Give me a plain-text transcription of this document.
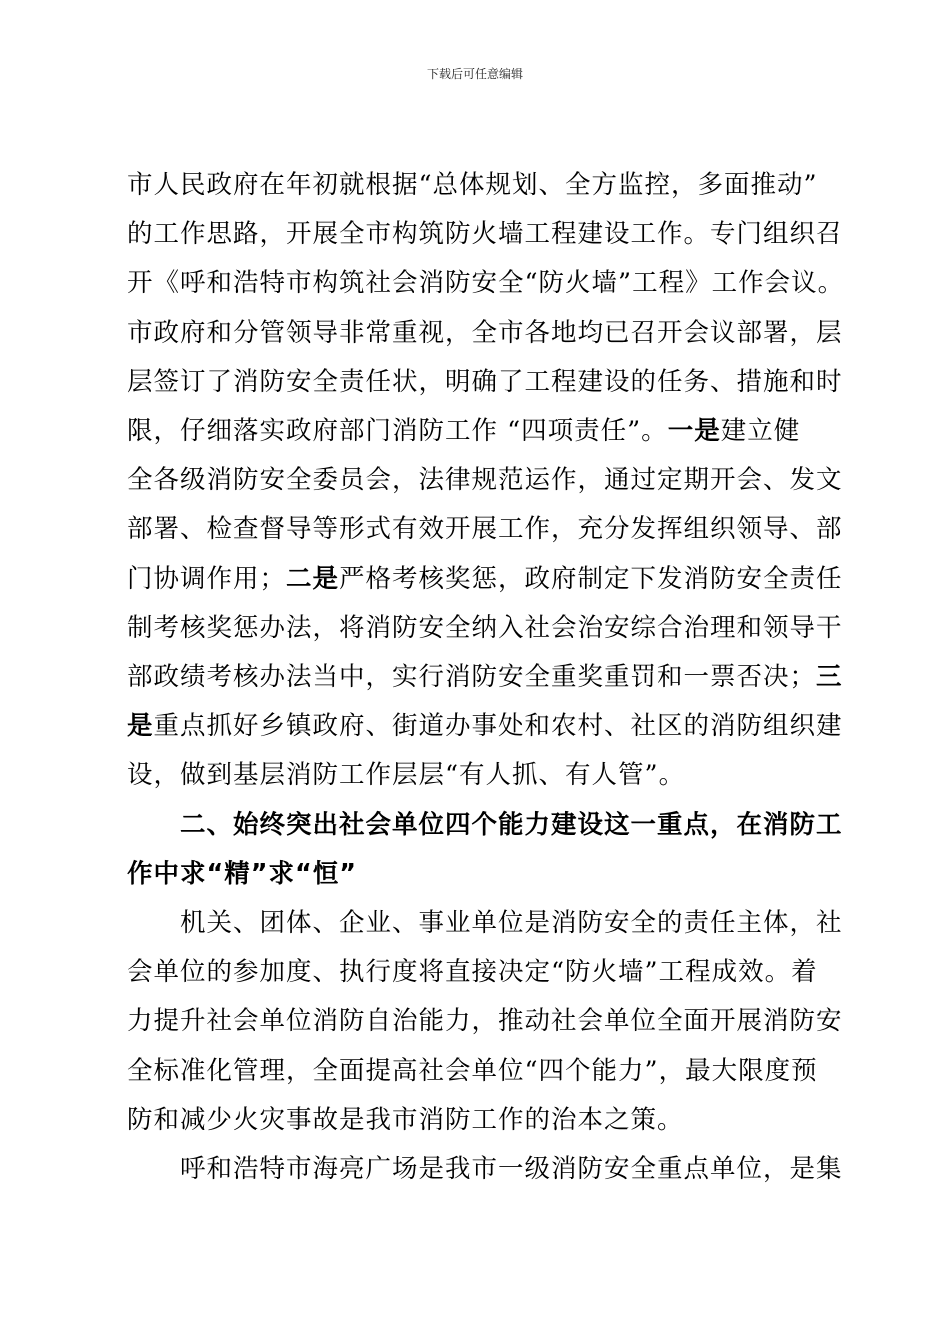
下载后可任意编辑

市人民政府在年初就根据“总体规划、全方监控，多面推动”
的工作思路，开展全市构筑防火墙工程建设工作。专门组织召
开《呼和浩特市构筑社会消防安全“防火墙”工程》工作会议。
市政府和分管领导非常重视，全市各地均已召开会议部署，层
层签订了消防安全责任状，明确了工程建设的任务、措施和时
限，仔细落实政府部门消防工作 “四项责任”。一是建立健
全各级消防安全委员会，法律规范运作，通过定期开会、发文
部署、检查督导等形式有效开展工作，充分发挥组织领导、部
门协调作用；二是严格考核奖惩，政府制定下发消防安全责任
制考核奖惩办法，将消防安全纳入社会治安综合治理和领导干
部政绩考核办法当中，实行消防安全重奖重罚和一票否决；三
是重点抓好乡镇政府、街道办事处和农村、社区的消防组织建
设，做到基层消防工作层层“有人抓、有人管”。

二、始终突出社会单位四个能力建设这一重点，在消防工
作中求“精”求“恒”

机关、团体、企业、事业单位是消防安全的责任主体，社
会单位的参加度、执行度将直接决定“防火墙”工程成效。着
力提升社会单位消防自治能力，推动社会单位全面开展消防安
全标准化管理，全面提高社会单位“四个能力”，最大限度预
防和减少火灾事故是我市消防工作的治本之策。

呼和浩特市海亮广场是我市一级消防安全重点单位，是集
